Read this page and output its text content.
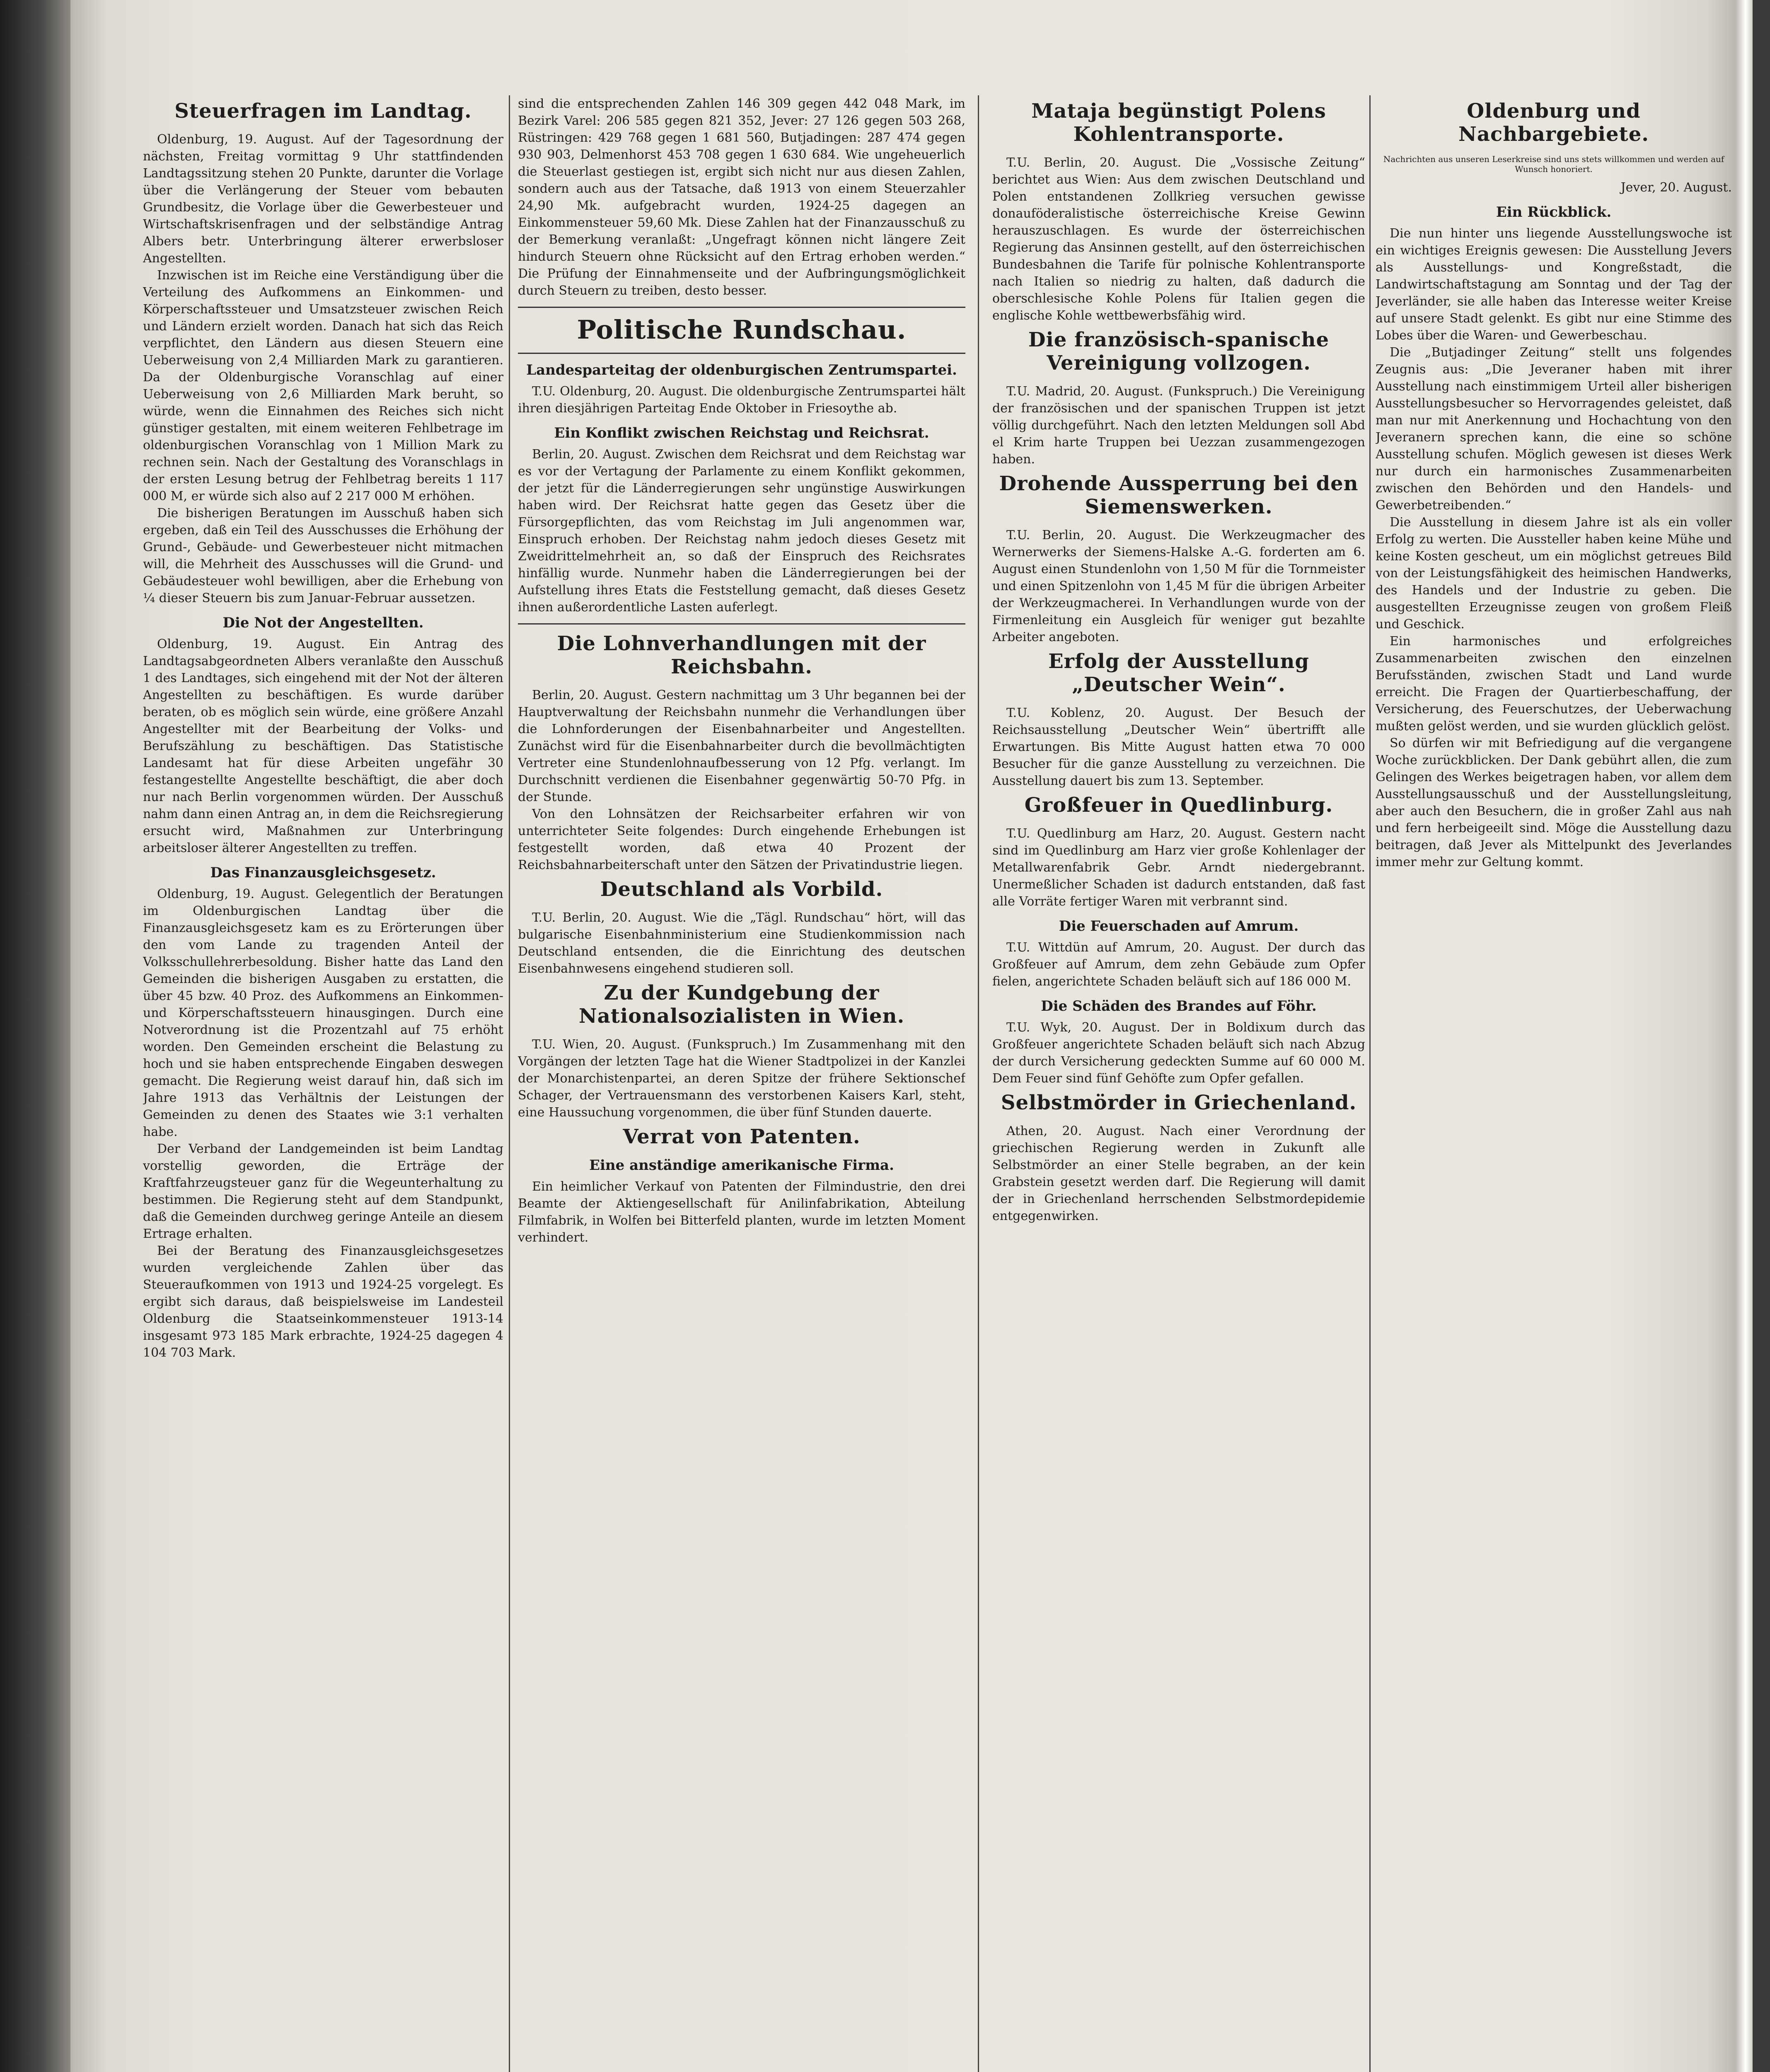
Steuerfragen im Landtag.

Oldenburg, 19. August. Auf der Tagesordnung der nächsten, Freitag vormittag 9 Uhr stattfindenden Landtagssitzung stehen 20 Punkte, darunter die Vorlage über die Verlängerung der Steuer vom bebauten Grundbesitz, die Vorlage über die Gewerbesteuer und Wirtschaftskrisenfragen und der selbständige Antrag Albers betr. Unterbringung älterer erwerbsloser Angestellten.

Inzwischen ist im Reiche eine Verständigung über die Verteilung des Aufkommens an Einkommen- und Körperschaftssteuer und Umsatzsteuer zwischen Reich und Ländern erzielt worden. Danach hat sich das Reich verpflichtet, den Ländern aus diesen Steuern eine Ueberweisung von 2,4 Milliarden Mark zu garantieren. Da der Oldenburgische Voranschlag auf einer Ueberweisung von 2,6 Milliarden Mark beruht, so würde, wenn die Einnahmen des Reiches sich nicht günstiger gestalten, mit einem weiteren Fehlbetrage im oldenburgischen Voranschlag von 1 Million Mark zu rechnen sein. Nach der Gestaltung des Voranschlags in der ersten Lesung betrug der Fehlbetrag bereits 1 117 000 M, er würde sich also auf 2 217 000 M erhöhen.

Die bisherigen Beratungen im Ausschuß haben sich ergeben, daß ein Teil des Ausschusses die Erhöhung der Grund-, Gebäude- und Gewerbesteuer nicht mitmachen will, die Mehrheit des Ausschusses will die Grund- und Gebäudesteuer wohl bewilligen, aber die Erhebung von ¼ dieser Steuern bis zum Januar-Februar aussetzen.

Die Not der Angestellten.

Oldenburg, 19. August. Ein Antrag des Landtagsabgeordneten Albers veranlaßte den Ausschuß 1 des Landtages, sich eingehend mit der Not der älteren Angestellten zu beschäftigen. Es wurde darüber beraten, ob es möglich sein würde, eine größere Anzahl Angestellter mit der Bearbeitung der Volks- und Berufszählung zu beschäftigen. Das Statistische Landesamt hat für diese Arbeiten ungefähr 30 festangestellte Angestellte beschäftigt, die aber doch nur nach Berlin vorgenommen würden. Der Ausschuß nahm dann einen Antrag an, in dem die Reichsregierung ersucht wird, Maßnahmen zur Unterbringung arbeitsloser älterer Angestellten zu treffen.

Das Finanzausgleichsgesetz.

Oldenburg, 19. August. Gelegentlich der Beratungen im Oldenburgischen Landtag über die Finanzausgleichsgesetz kam es zu Erörterungen über den vom Lande zu tragenden Anteil der Volksschullehrerbesoldung. Bisher hatte das Land den Gemeinden die bisherigen Ausgaben zu erstatten, die über 45 bzw. 40 Proz. des Aufkommens an Einkommen- und Körperschaftssteuern hinausgingen. Durch eine Notverordnung ist die Prozentzahl auf 75 erhöht worden. Den Gemeinden erscheint die Belastung zu hoch und sie haben entsprechende Eingaben deswegen gemacht. Die Regierung weist darauf hin, daß sich im Jahre 1913 das Verhältnis der Leistungen der Gemeinden zu denen des Staates wie 3:1 verhalten habe.

Der Verband der Landgemeinden ist beim Landtag vorstellig geworden, die Erträge der Kraftfahrzeugsteuer ganz für die Wegeunterhaltung zu bestimmen. Die Regierung steht auf dem Standpunkt, daß die Gemeinden durchweg geringe Anteile an diesem Ertrage erhalten.

Bei der Beratung des Finanzausgleichsgesetzes wurden vergleichende Zahlen über das Steueraufkommen von 1913 und 1924-25 vorgelegt. Es ergibt sich daraus, daß beispielsweise im Landesteil Oldenburg die Staatseinkommensteuer 1913-14 insgesamt 973 185 Mark erbrachte, 1924-25 dagegen 4 104 703 Mark.

sind die entsprechenden Zahlen 146 309 gegen 442 048 Mark, im Bezirk Varel: 206 585 gegen 821 352, Jever: 27 126 gegen 503 268, Rüstringen: 429 768 gegen 1 681 560, Butjadingen: 287 474 gegen 930 903, Delmenhorst 453 708 gegen 1 630 684. Wie ungeheuerlich die Steuerlast gestiegen ist, ergibt sich nicht nur aus diesen Zahlen, sondern auch aus der Tatsache, daß 1913 von einem Steuerzahler 24,90 Mk. aufgebracht wurden, 1924-25 dagegen an Einkommensteuer 59,60 Mk. Diese Zahlen hat der Finanzausschuß zu der Bemerkung veranlaßt: „Ungefragt können nicht längere Zeit hindurch Steuern ohne Rücksicht auf den Ertrag erhoben werden.“ Die Prüfung der Einnahmenseite und der Aufbringungsmöglichkeit durch Steuern zu treiben, desto besser.

Politische Rundschau.
Landesparteitag der oldenburgischen Zentrumspartei.

T.U. Oldenburg, 20. August. Die oldenburgische Zentrumspartei hält ihren diesjährigen Parteitag Ende Oktober in Friesoythe ab.

Ein Konflikt zwischen Reichstag und Reichsrat.

Berlin, 20. August. Zwischen dem Reichsrat und dem Reichstag war es vor der Vertagung der Parlamente zu einem Konflikt gekommen, der jetzt für die Länderregierungen sehr ungünstige Auswirkungen haben wird. Der Reichsrat hatte gegen das Gesetz über die Fürsorgepflichten, das vom Reichstag im Juli angenommen war, Einspruch erhoben. Der Reichstag nahm jedoch dieses Gesetz mit Zweidrittelmehrheit an, so daß der Einspruch des Reichsrates hinfällig wurde. Nunmehr haben die Länderregierungen bei der Aufstellung ihres Etats die Feststellung gemacht, daß dieses Gesetz ihnen außerordentliche Lasten auferlegt.

Die Lohnverhandlungen mit der Reichsbahn.

Berlin, 20. August. Gestern nachmittag um 3 Uhr begannen bei der Hauptverwaltung der Reichsbahn nunmehr die Verhandlungen über die Lohnforderungen der Eisenbahnarbeiter und Angestellten. Zunächst wird für die Eisenbahnarbeiter durch die bevollmächtigten Vertreter eine Stundenlohnaufbesserung von 12 Pfg. verlangt. Im Durchschnitt verdienen die Eisenbahner gegenwärtig 50-70 Pfg. in der Stunde.

Von den Lohnsätzen der Reichsarbeiter erfahren wir von unterrichteter Seite folgendes: Durch eingehende Erhebungen ist festgestellt worden, daß etwa 40 Prozent der Reichsbahnarbeiterschaft unter den Sätzen der Privatindustrie liegen.

Deutschland als Vorbild.

T.U. Berlin, 20. August. Wie die „Tägl. Rundschau“ hört, will das bulgarische Eisenbahnministerium eine Studienkommission nach Deutschland entsenden, die die Einrichtung des deutschen Eisenbahnwesens eingehend studieren soll.

Zu der Kundgebung der Nationalsozialisten in Wien.

T.U. Wien, 20. August. (Funkspruch.) Im Zusammenhang mit den Vorgängen der letzten Tage hat die Wiener Stadtpolizei in der Kanzlei der Monarchistenpartei, an deren Spitze der frühere Sektionschef Schager, der Vertrauensmann des verstorbenen Kaisers Karl, steht, eine Haussuchung vorgenommen, die über fünf Stunden dauerte.

Verrat von Patenten.
Eine anständige amerikanische Firma.

Ein heimlicher Verkauf von Patenten der Filmindustrie, den drei Beamte der Aktiengesellschaft für Anilinfabrikation, Abteilung Filmfabrik, in Wolfen bei Bitterfeld planten, wurde im letzten Moment verhindert.

Mataja begünstigt Polens Kohlentransporte.

T.U. Berlin, 20. August. Die „Vossische Zeitung“ berichtet aus Wien: Aus dem zwischen Deutschland und Polen entstandenen Zollkrieg versuchen gewisse donauföderalistische österreichische Kreise Gewinn herauszuschlagen. Es wurde der österreichischen Regierung das Ansinnen gestellt, auf den österreichischen Bundesbahnen die Tarife für polnische Kohlentransporte nach Italien so niedrig zu halten, daß dadurch die oberschlesische Kohle Polens für Italien gegen die englische Kohle wettbewerbsfähig wird.

Die französisch-spanische Vereinigung vollzogen.

T.U. Madrid, 20. August. (Funkspruch.) Die Vereinigung der französischen und der spanischen Truppen ist jetzt völlig durchgeführt. Nach den letzten Meldungen soll Abd el Krim harte Truppen bei Uezzan zusammengezogen haben.

Drohende Aussperrung bei den Siemenswerken.

T.U. Berlin, 20. August. Die Werkzeugmacher des Wernerwerks der Siemens-Halske A.-G. forderten am 6. August einen Stundenlohn von 1,50 M für die Tornmeister und einen Spitzenlohn von 1,45 M für die übrigen Arbeiter der Werkzeugmacherei. In Verhandlungen wurde von der Firmenleitung ein Ausgleich für weniger gut bezahlte Arbeiter angeboten.

Erfolg der Ausstellung „Deutscher Wein“.

T.U. Koblenz, 20. August. Der Besuch der Reichsausstellung „Deutscher Wein“ übertrifft alle Erwartungen. Bis Mitte August hatten etwa 70 000 Besucher für die ganze Ausstellung zu verzeichnen. Die Ausstellung dauert bis zum 13. September.

Großfeuer in Quedlinburg.

T.U. Quedlinburg am Harz, 20. August. Gestern nacht sind im Quedlinburg am Harz vier große Kohlenlager der Metallwarenfabrik Gebr. Arndt niedergebrannt. Unermeßlicher Schaden ist dadurch entstanden, daß fast alle Vorräte fertiger Waren mit verbrannt sind.

Die Feuerschaden auf Amrum.

T.U. Wittdün auf Amrum, 20. August. Der durch das Großfeuer auf Amrum, dem zehn Gebäude zum Opfer fielen, angerichtete Schaden beläuft sich auf 186 000 M.

Die Schäden des Brandes auf Föhr.

T.U. Wyk, 20. August. Der in Boldixum durch das Großfeuer angerichtete Schaden beläuft sich nach Abzug der durch Versicherung gedeckten Summe auf 60 000 M. Dem Feuer sind fünf Gehöfte zum Opfer gefallen.

Selbstmörder in Griechenland.

Athen, 20. August. Nach einer Verordnung der griechischen Regierung werden in Zukunft alle Selbstmörder an einer Stelle begraben, an der kein Grabstein gesetzt werden darf. Die Regierung will damit der in Griechenland herrschenden Selbstmordepidemie entgegenwirken.

Oldenburg und Nachbargebiete.

Nachrichten aus unseren Leserkreise sind uns stets willkommen und werden auf Wunsch honoriert.

Jever, 20. August.

Ein Rückblick.

Die nun hinter uns liegende Ausstellungswoche ist ein wichtiges Ereignis gewesen: Die Ausstellung Jevers als Ausstellungs- und Kongreßstadt, die Landwirtschaftstagung am Sonntag und der Tag der Jeverländer, sie alle haben das Interesse weiter Kreise auf unsere Stadt gelenkt. Es gibt nur eine Stimme des Lobes über die Waren- und Gewerbeschau.

Die „Butjadinger Zeitung“ stellt uns folgendes Zeugnis aus: „Die Jeveraner haben mit ihrer Ausstellung nach einstimmigem Urteil aller bisherigen Ausstellungsbesucher so Hervorragendes geleistet, daß man nur mit Anerkennung und Hochachtung von den Jeveranern sprechen kann, die eine so schöne Ausstellung schufen. Möglich gewesen ist dieses Werk nur durch ein harmonisches Zusammenarbeiten zwischen den Behörden und den Handels- und Gewerbetreibenden.“

Die Ausstellung in diesem Jahre ist als ein voller Erfolg zu werten. Die Aussteller haben keine Mühe und keine Kosten gescheut, um ein möglichst getreues Bild von der Leistungsfähigkeit des heimischen Handwerks, des Handels und der Industrie zu geben. Die ausgestellten Erzeugnisse zeugen von großem Fleiß und Geschick.

Ein harmonisches und erfolgreiches Zusammenarbeiten zwischen den einzelnen Berufsständen, zwischen Stadt und Land wurde erreicht. Die Fragen der Quartierbeschaffung, der Versicherung, des Feuerschutzes, der Ueberwachung mußten gelöst werden, und sie wurden glücklich gelöst.

So dürfen wir mit Befriedigung auf die vergangene Woche zurückblicken. Der Dank gebührt allen, die zum Gelingen des Werkes beigetragen haben, vor allem dem Ausstellungsausschuß und der Ausstellungsleitung, aber auch den Besuchern, die in großer Zahl aus nah und fern herbeigeeilt sind. Möge die Ausstellung dazu beitragen, daß Jever als Mittelpunkt des Jeverlandes immer mehr zur Geltung kommt.
